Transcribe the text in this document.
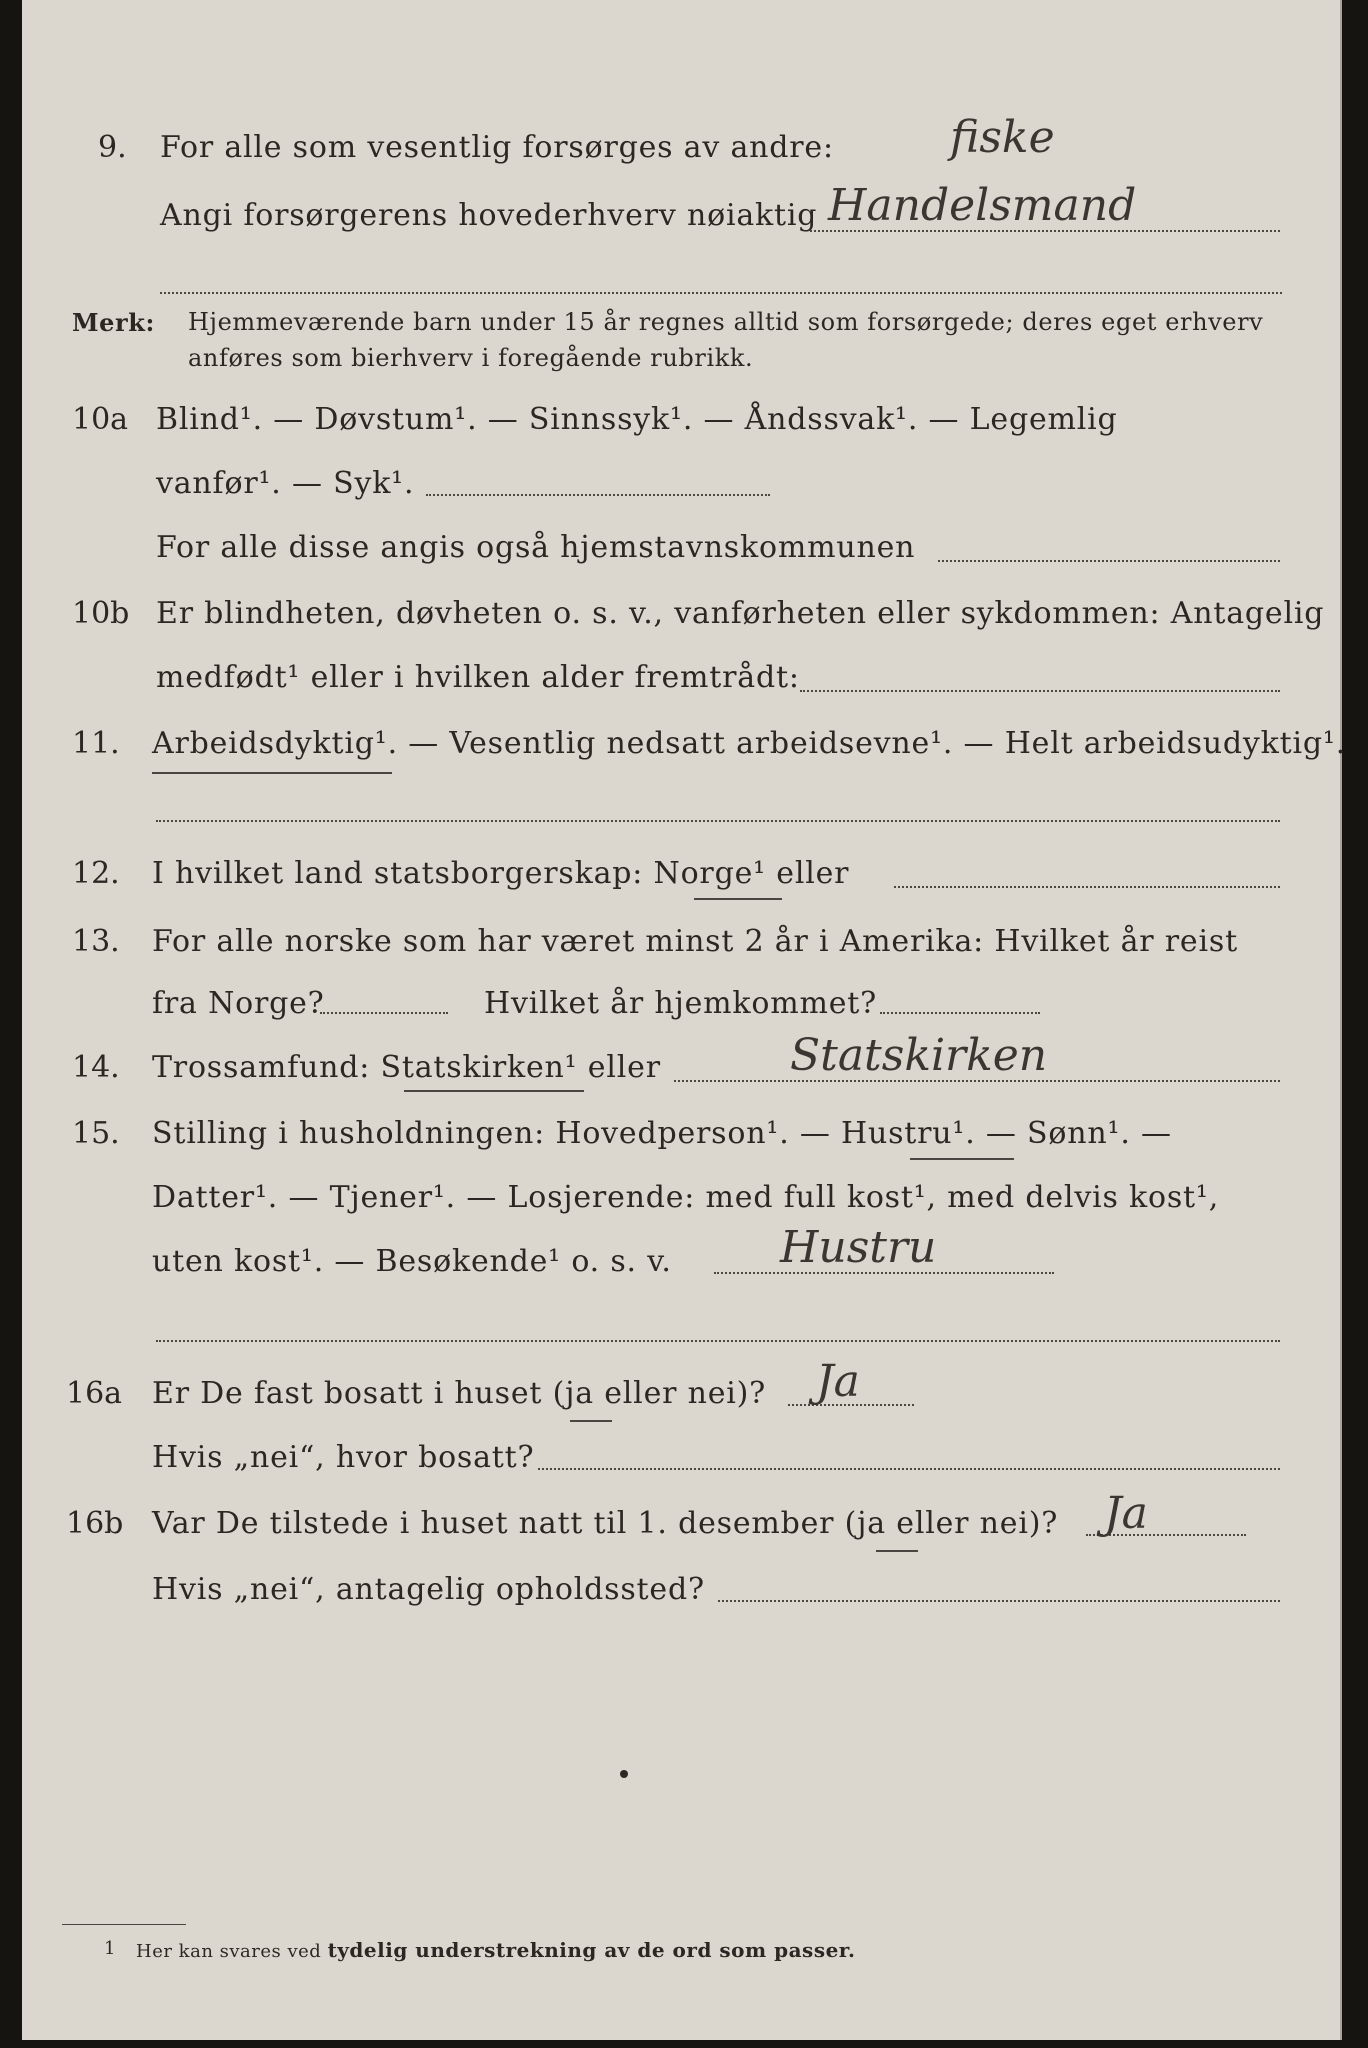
9. For alle som vesentlig forsørges av andre:	fiske
Angi forsørgerens hovederhverv nøiaktig Handelsmand
Merk: Hjemmeværende barn under 15 år regnes alltid som forsørgede; deres eget erhverv
anføres som bierhverv i foregående rubrikk.
10a Blind¹. — Døvstum¹. — Sinnssyk¹. — Åndssvak¹. — Legemlig
vanfør¹. — Syk¹.
For alle disse angis også hjemstavnskommunen
10b Er blindheten, døvheten o. s. v., vanførheten eller sykdommen: Antagelig
medfødt¹ eller i hvilken alder fremtrådt:
11. Arbeidsdyktig¹. — Vesentlig nedsatt arbeidsevne¹. — Helt arbeidsudyktig¹.
12. I hvilket land statsborgerskap: Norge¹ eller
13. For alle norske som har været minst 2 år i Amerika: Hvilket år reist
fra Norge?	Hvilket år hjemkommet?
14. Trossamfund: Statskirken¹ eller	Statskirken
15. Stilling i husholdningen: Hovedperson¹. — Hustru¹. — Sønn¹. —
Datter¹. — Tjener¹. — Losjerende: med full kost¹, med delvis kost¹,
uten kost¹. — Besøkende¹ o. s. v. Hustru
16a Er De fast bosatt i huset (ja eller nei)? Ja
Hvis „nei“, hvor bosatt?
16b Var De tilstede i huset natt til 1. desember (ja eller nei)? Ja
Hvis „nei“, antagelig opholdssted?
1 Her kan svares ved tydelig understrekning av de ord som passer.
